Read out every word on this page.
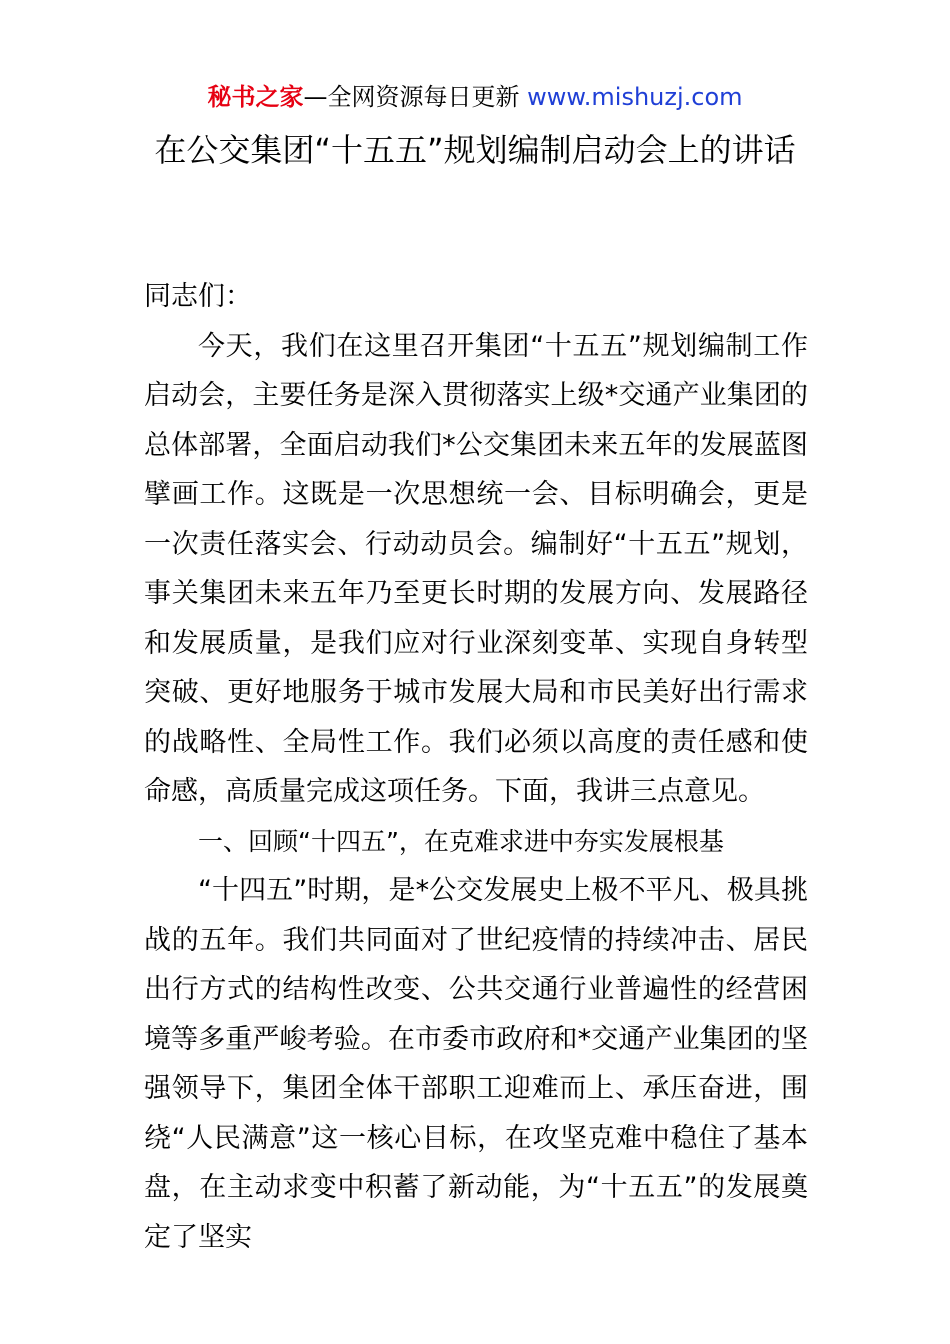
秘书之家—全网资源每日更新 www.mishuzj.com
在公交集团“十五五”规划编制启动会上的讲话

同志们：

今天，我们在这里召开集团“十五五”规划编制工作启动会，主要任务是深入贯彻落实上级*交通产业集团的总体部署，全面启动我们*公交集团未来五年的发展蓝图擘画工作。这既是一次思想统一会、目标明确会，更是一次责任落实会、行动动员会。编制好“十五五”规划，事关集团未来五年乃至更长时期的发展方向、发展路径和发展质量，是我们应对行业深刻变革、实现自身转型突破、更好地服务于城市发展大局和市民美好出行需求的战略性、全局性工作。我们必须以高度的责任感和使命感，高质量完成这项任务。下面，我讲三点意见。

一、回顾“十四五”，在克难求进中夯实发展根基

“十四五”时期，是*公交发展史上极不平凡、极具挑战的五年。我们共同面对了世纪疫情的持续冲击、居民出行方式的结构性改变、公共交通行业普遍性的经营困境等多重严峻考验。在市委市政府和*交通产业集团的坚强领导下，集团全体干部职工迎难而上、承压奋进，围绕“人民满意”这一核心目标，在攻坚克难中稳住了基本盘，在主动求变中积蓄了新动能，为“十五五”的发展奠定了坚实
